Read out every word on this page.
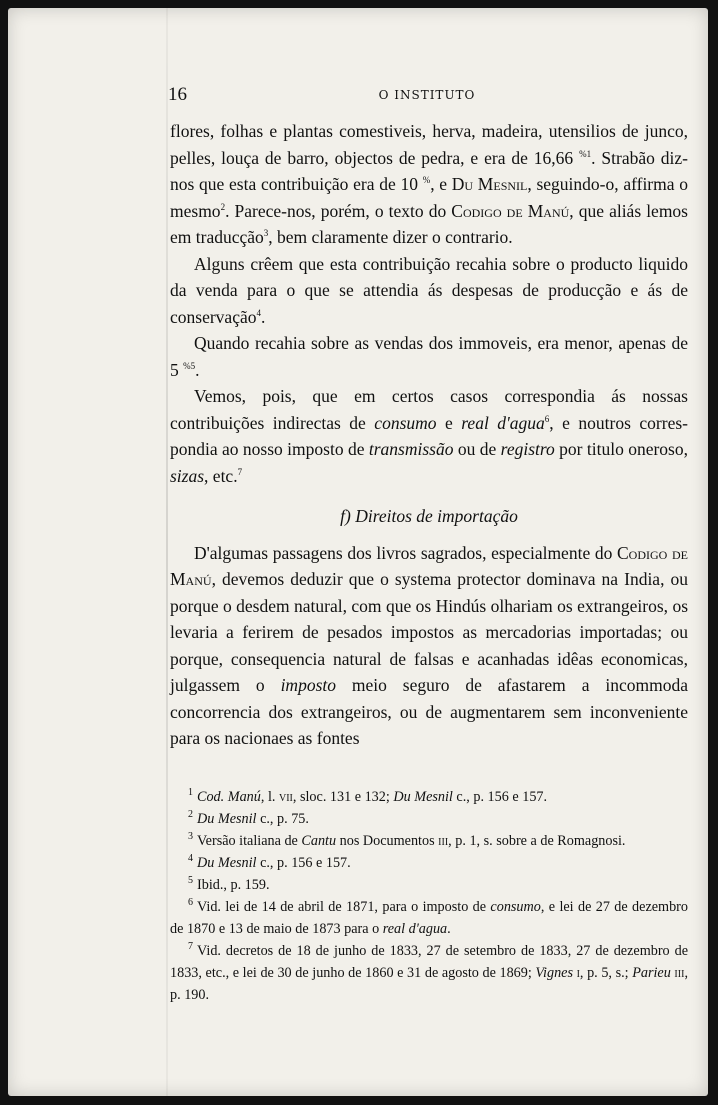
16	O INSTITUTO

flores, folhas e plantas comestiveis, herva, madeira, utensilios de junco, pelles, louça de barro, objectos de pedra, e era de 16,66 $^{\%1}$. Strabão diz-nos que esta contribuição era de 10 %, e Du Mesnil, seguindo-o, affirma o mesmo$^2$. Parece-nos, porém, o texto do Codigo de Manú, que aliás lemos em traducção$^3$, bem claramente dizer o contrario.

Alguns crêem que esta contribuição recahia sobre o producto liquido da venda para o que se attendia ás despesas de producção e ás de conservação$^4$.

Quando recahia sobre as vendas dos immoveis, era menor, apenas de 5 $^{\%5}$.

Vemos, pois, que em certos casos correspondia ás nossas contribuições indirectas de consumo e real d'agua$^6$, e noutros correspondia ao nosso imposto de transmissão ou de registro por titulo oneroso, sizas, etc.$^7$

f) Direitos de importação

D'algumas passagens dos livros sagrados, especialmente do Codigo de Manú, devemos deduzir que o systema protector dominava na India, ou porque o desdem natural, com que os Hindús olhariam os extrangeiros, os levaria a ferirem de pesados impostos as mercadorias importadas; ou porque, consequencia natural de falsas e acanhadas idêas economicas, julgassem o imposto meio seguro de afastarem a incommoda concorrencia dos extrangeiros, ou de augmentarem sem inconveniente para os nacionaes as fontes

$^1$ Cod. Manú, l. vii, sloc. 131 e 132; Du Mesnil c., p. 156 e 157.

$^2$ Du Mesnil c., p. 75.

$^3$ Versão italiana de Cantu nos Documentos iii, p. 1, s. sobre a de Romagnosi.

$^4$ Du Mesnil c., p. 156 e 157.

$^5$ Ibid., p. 159.

$^6$ Vid. lei de 14 de abril de 1871, para o imposto de consumo, e lei de 27 de dezembro de 1870 e 13 de maio de 1873 para o real d'agua.

$^7$ Vid. decretos de 18 de junho de 1833, 27 de setembro de 1833, 27 de dezembro de 1833, etc., e lei de 30 de junho de 1860 e 31 de agosto de 1869; Vignes i, p. 5, s.; Parieu iii, p. 190.
